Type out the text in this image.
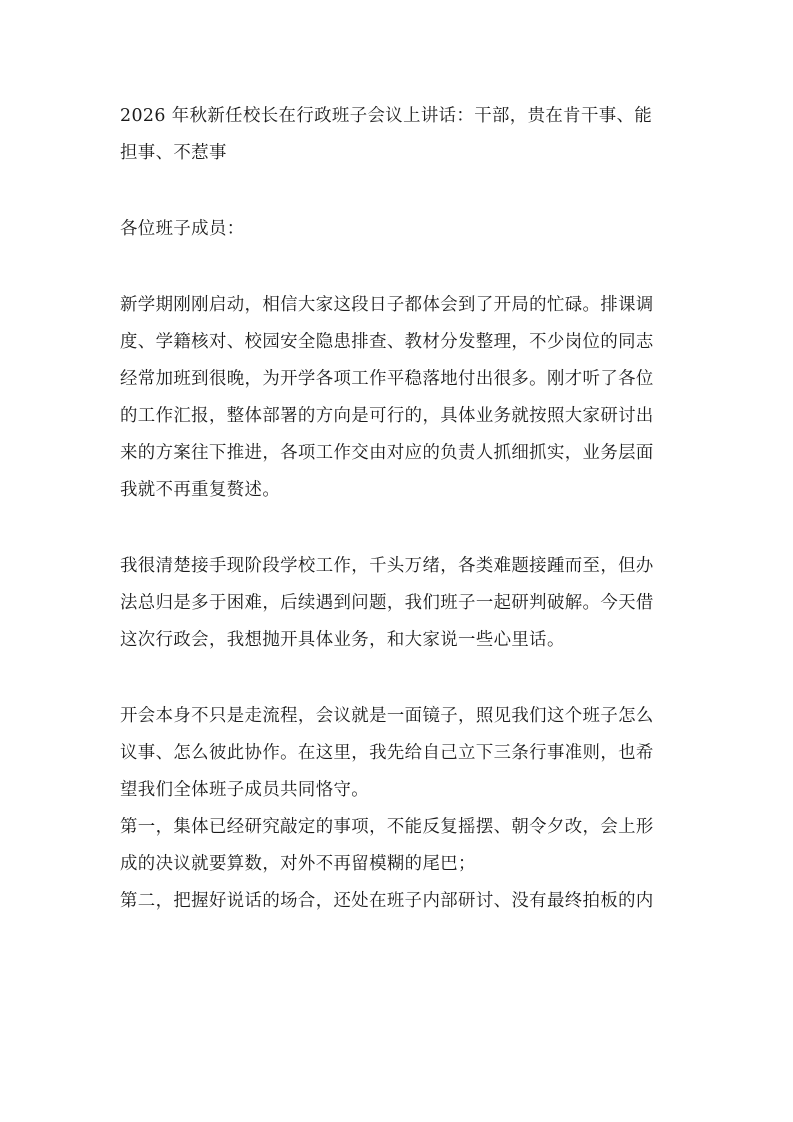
2026 年秋新任校长在行政班子会议上讲话：干部，贵在肯干事、能
担事、不惹事
各位班子成员：
新学期刚刚启动，相信大家这段日子都体会到了开局的忙碌。排课调
度、学籍核对、校园安全隐患排查、教材分发整理，不少岗位的同志
经常加班到很晚，为开学各项工作平稳落地付出很多。刚才听了各位
的工作汇报，整体部署的方向是可行的，具体业务就按照大家研讨出
来的方案往下推进，各项工作交由对应的负责人抓细抓实，业务层面
我就不再重复赘述。
我很清楚接手现阶段学校工作，千头万绪，各类难题接踵而至，但办
法总归是多于困难，后续遇到问题，我们班子一起研判破解。今天借
这次行政会，我想抛开具体业务，和大家说一些心里话。
开会本身不只是走流程，会议就是一面镜子，照见我们这个班子怎么
议事、怎么彼此协作。在这里，我先给自己立下三条行事准则，也希
望我们全体班子成员共同恪守。
第一，集体已经研究敲定的事项，不能反复摇摆、朝令夕改，会上形
成的决议就要算数，对外不再留模糊的尾巴；
第二，把握好说话的场合，还处在班子内部研讨、没有最终拍板的内
